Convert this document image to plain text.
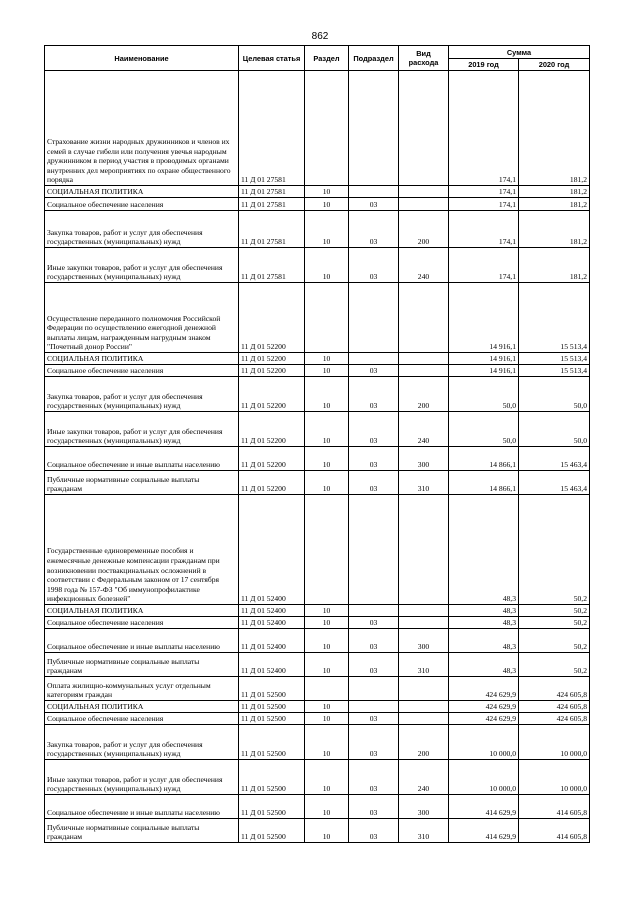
862
Наименование	Целевая статья	Раздел	Подраздел	Вид расхода	Сумма	
					2019 год	2020 год
Страхование жизни народных дружинников и членов их семей в случае гибели или получения увечья народным дружинником в период участия в проводимых органами внутренних дел мероприятиях по охране общественного порядка	11 Д 01 27581				174,1	181,2
СОЦИАЛЬНАЯ ПОЛИТИКА	11 Д 01 27581	10			174,1	181,2
Социальное обеспечение населения	11 Д 01 27581	10	03		174,1	181,2
Закупка товаров, работ и услуг для обеспечения государственных (муниципальных) нужд	11 Д 01 27581	10	03	200	174,1	181,2
Иные закупки товаров, работ и услуг для обеспечения государственных (муниципальных) нужд	11 Д 01 27581	10	03	240	174,1	181,2
Осуществление переданного полномочия Российской Федерации по осуществлению ежегодной денежной выплаты лицам, награжденным нагрудным знаком "Почетный донор России"	11 Д 01 52200				14 916,1	15 513,4
СОЦИАЛЬНАЯ ПОЛИТИКА	11 Д 01 52200	10			14 916,1	15 513,4
Социальное обеспечение населения	11 Д 01 52200	10	03		14 916,1	15 513,4
Закупка товаров, работ и услуг для обеспечения государственных (муниципальных) нужд	11 Д 01 52200	10	03	200	50,0	50,0
Иные закупки товаров, работ и услуг для обеспечения государственных (муниципальных) нужд	11 Д 01 52200	10	03	240	50,0	50,0
Социальное обеспечение и иные выплаты населению	11 Д 01 52200	10	03	300	14 866,1	15 463,4
Публичные нормативные социальные выплаты гражданам	11 Д 01 52200	10	03	310	14 866,1	15 463,4
Государственные единовременные пособия и ежемесячные денежные компенсации гражданам при возникновении поствакцинальных осложнений в соответствии с Федеральным законом от 17 сентября 1998 года № 157-ФЗ "Об иммунопрофилактике инфекционных болезней"	11 Д 01 52400				48,3	50,2
СОЦИАЛЬНАЯ ПОЛИТИКА	11 Д 01 52400	10			48,3	50,2
Социальное обеспечение населения	11 Д 01 52400	10	03		48,3	50,2
Социальное обеспечение и иные выплаты населению	11 Д 01 52400	10	03	300	48,3	50,2
Публичные нормативные социальные выплаты гражданам	11 Д 01 52400	10	03	310	48,3	50,2
Оплата жилищно-коммунальных услуг отдельным категориям граждан	11 Д 01 52500				424 629,9	424 605,8
СОЦИАЛЬНАЯ ПОЛИТИКА	11 Д 01 52500	10			424 629,9	424 605,8
Социальное обеспечение населения	11 Д 01 52500	10	03		424 629,9	424 605,8
Закупка товаров, работ и услуг для обеспечения государственных (муниципальных) нужд	11 Д 01 52500	10	03	200	10 000,0	10 000,0
Иные закупки товаров, работ и услуг для обеспечения государственных (муниципальных) нужд	11 Д 01 52500	10	03	240	10 000,0	10 000,0
Социальное обеспечение и иные выплаты населению	11 Д 01 52500	10	03	300	414 629,9	414 605,8
Публичные нормативные социальные выплаты гражданам	11 Д 01 52500	10	03	310	414 629,9	414 605,8
